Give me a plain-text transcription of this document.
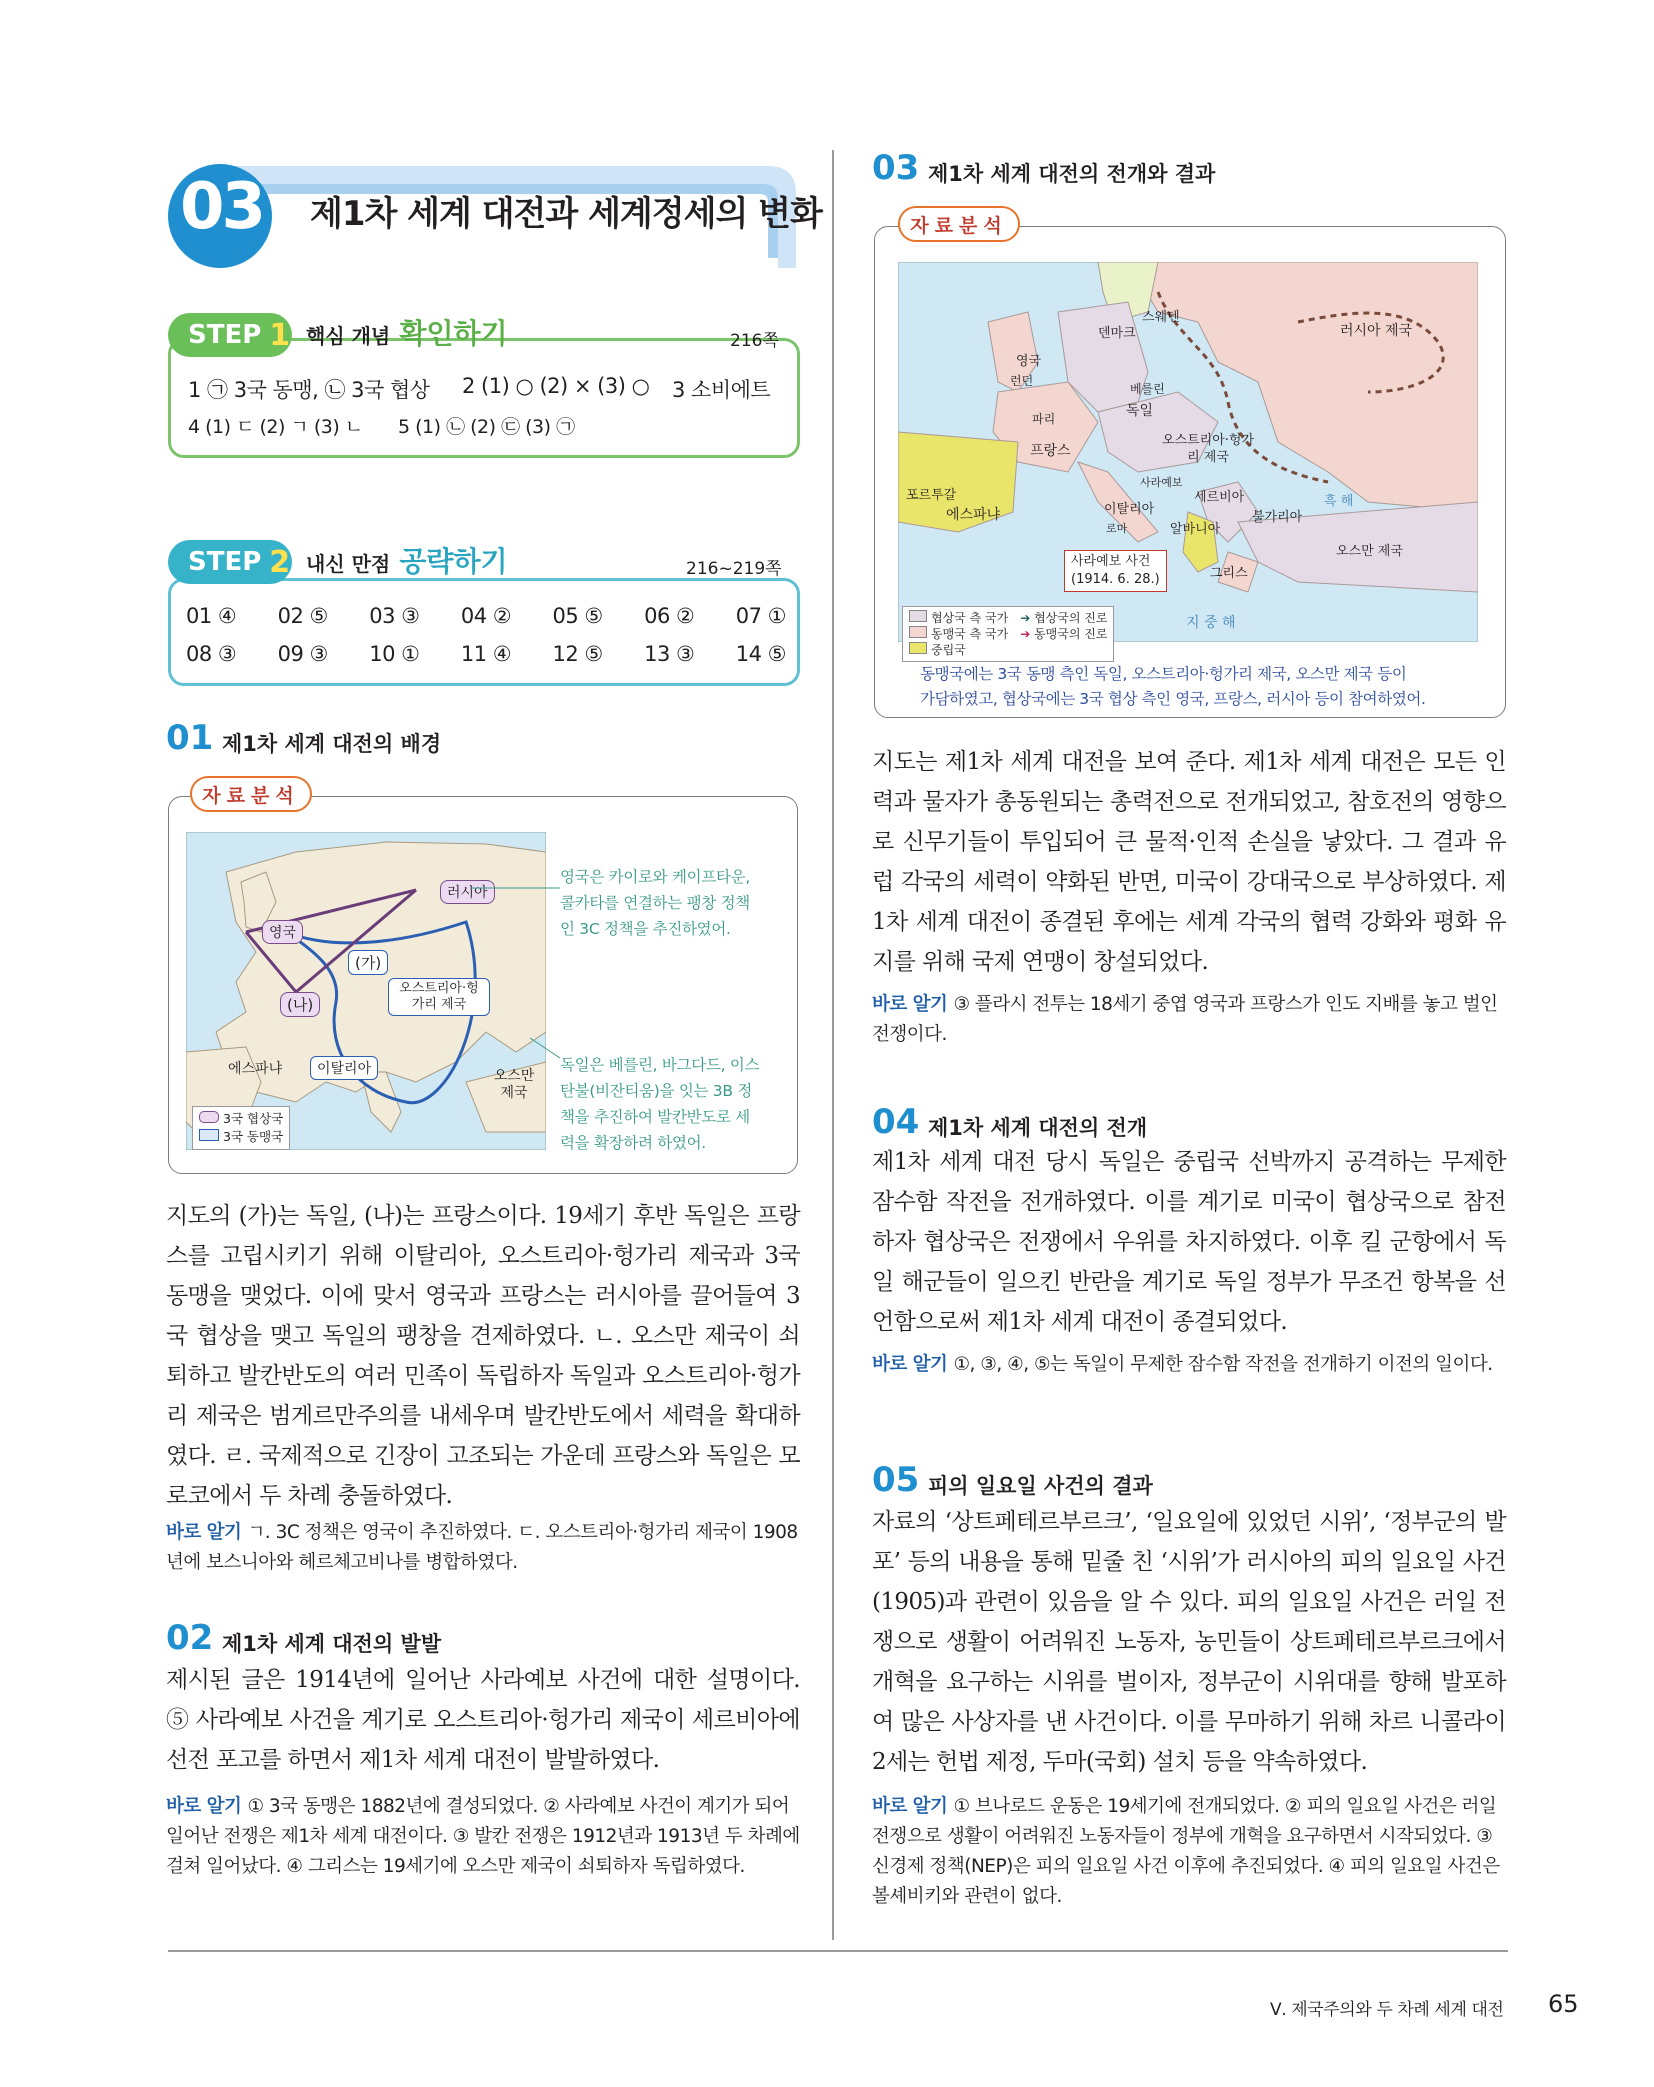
03 제1차 세계 대전과 세계정세의 변화
STEP 1 핵심 개념 확인하기	216쪽
1 ㉠ 3국 동맹, ㉡ 3국 협상 2 (1) ○ (2) × (3) ○ 3 소비에트
4 (1) ㄷ (2) ㄱ (3) ㄴ 5 (1) ㉡ (2) ㉢ (3) ㉠
STEP 2 내신 만점 공략하기	216~219쪽
01 ④ 02 ⑤ 03 ③ 04 ② 05 ⑤ 06 ② 07 ①
08 ③ 09 ③ 10 ① 11 ④ 12 ⑤ 13 ③ 14 ⑤
01 제1차 세계 대전의 배경
자료분석
영국
러시아
(가)
(나)
오스트리아·헝가리 제국
에스파냐	이탈리아	오스만 제국
3국 협상국
3국 동맹국
영국은 카이로와 케이프타운,
콜카타를 연결하는 팽창 정책
인 3C 정책을 추진하였어.
독일은 베를린, 바그다드, 이스
탄불(비잔티움)을 잇는 3B 정
책을 추진하여 발칸반도로 세
력을 확장하려 하였어.
지도의 (가)는 독일, (나)는 프랑스이다. 19세기 후반 독일은 프랑스를 고립시키기 위해 이탈리아, 오스트리아·헝가리 제국과 3국 동맹을 맺었다. 이에 맞서 영국과 프랑스는 러시아를 끌어들여 3국 협상을 맺고 독일의 팽창을 견제하였다. ㄴ. 오스만 제국이 쇠퇴하고 발칸반도의 여러 민족이 독립하자 독일과 오스트리아·헝가리 제국은 범게르만주의를 내세우며 발칸반도에서 세력을 확대하였다. ㄹ. 국제적으로 긴장이 고조되는 가운데 프랑스와 독일은 모로코에서 두 차례 충돌하였다.
바로 알기 ㄱ. 3C 정책은 영국이 추진하였다. ㄷ. 오스트리아·헝가리 제국이 1908년에 보스니아와 헤르체고비나를 병합하였다.
02 제1차 세계 대전의 발발
제시된 글은 1914년에 일어난 사라예보 사건에 대한 설명이다. ⑤ 사라예보 사건을 계기로 오스트리아·헝가리 제국이 세르비아에 선전 포고를 하면서 제1차 세계 대전이 발발하였다.
바로 알기 ① 3국 동맹은 1882년에 결성되었다. ② 사라예보 사건이 계기가 되어 일어난 전쟁은 제1차 세계 대전이다. ③ 발칸 전쟁은 1912년과 1913년 두 차례에 걸쳐 일어났다. ④ 그리스는 19세기에 오스만 제국이 쇠퇴하자 독립하였다.
03 제1차 세계 대전의 전개와 결과
자료분석
스웨덴
덴마크	러시아 제국
영국
런던
베를린
독일
파리
프랑스
오스트리아·헝가리 제국
포르투갈
에스파냐
사라예보
세르비아
이탈리아
로마	알바니아
불가리아
흑 해
오스만 제국
그리스
지 중 해
사라예보 사건
(1914. 6. 28.)
협상국 측 국가
동맹국 측 국가
중립국
➔ 협상국의 진로
➔ 동맹국의 진로
동맹국에는 3국 동맹 측인 독일, 오스트리아·헝가리 제국, 오스만 제국 등이
가담하였고, 협상국에는 3국 협상 측인 영국, 프랑스, 러시아 등이 참여하였어.
지도는 제1차 세계 대전을 보여 준다. 제1차 세계 대전은 모든 인력과 물자가 총동원되는 총력전으로 전개되었고, 참호전의 영향으로 신무기들이 투입되어 큰 물적·인적 손실을 낳았다. 그 결과 유럽 각국의 세력이 약화된 반면, 미국이 강대국으로 부상하였다. 제1차 세계 대전이 종결된 후에는 세계 각국의 협력 강화와 평화 유지를 위해 국제 연맹이 창설되었다.
바로 알기 ③ 플라시 전투는 18세기 중엽 영국과 프랑스가 인도 지배를 놓고 벌인 전쟁이다.
04 제1차 세계 대전의 전개
제1차 세계 대전 당시 독일은 중립국 선박까지 공격하는 무제한 잠수함 작전을 전개하였다. 이를 계기로 미국이 협상국으로 참전하자 협상국은 전쟁에서 우위를 차지하였다. 이후 킬 군항에서 독일 해군들이 일으킨 반란을 계기로 독일 정부가 무조건 항복을 선언함으로써 제1차 세계 대전이 종결되었다.
바로 알기 ①, ③, ④, ⑤는 독일이 무제한 잠수함 작전을 전개하기 이전의 일이다.
05 피의 일요일 사건의 결과
자료의 ‘상트페테르부르크’, ‘일요일에 있었던 시위’, ‘정부군의 발포’ 등의 내용을 통해 밑줄 친 ‘시위’가 러시아의 피의 일요일 사건(1905)과 관련이 있음을 알 수 있다. 피의 일요일 사건은 러일 전쟁으로 생활이 어려워진 노동자, 농민들이 상트페테르부르크에서 개혁을 요구하는 시위를 벌이자, 정부군이 시위대를 향해 발포하여 많은 사상자를 낸 사건이다. 이를 무마하기 위해 차르 니콜라이 2세는 헌법 제정, 두마(국회) 설치 등을 약속하였다.
바로 알기 ① 브나로드 운동은 19세기에 전개되었다. ② 피의 일요일 사건은 러일 전쟁으로 생활이 어려워진 노동자들이 정부에 개혁을 요구하면서 시작되었다. ③ 신경제 정책(NEP)은 피의 일요일 사건 이후에 추진되었다. ④ 피의 일요일 사건은 볼셰비키와 관련이 없다.
Ⅴ. 제국주의와 두 차례 세계 대전 65
